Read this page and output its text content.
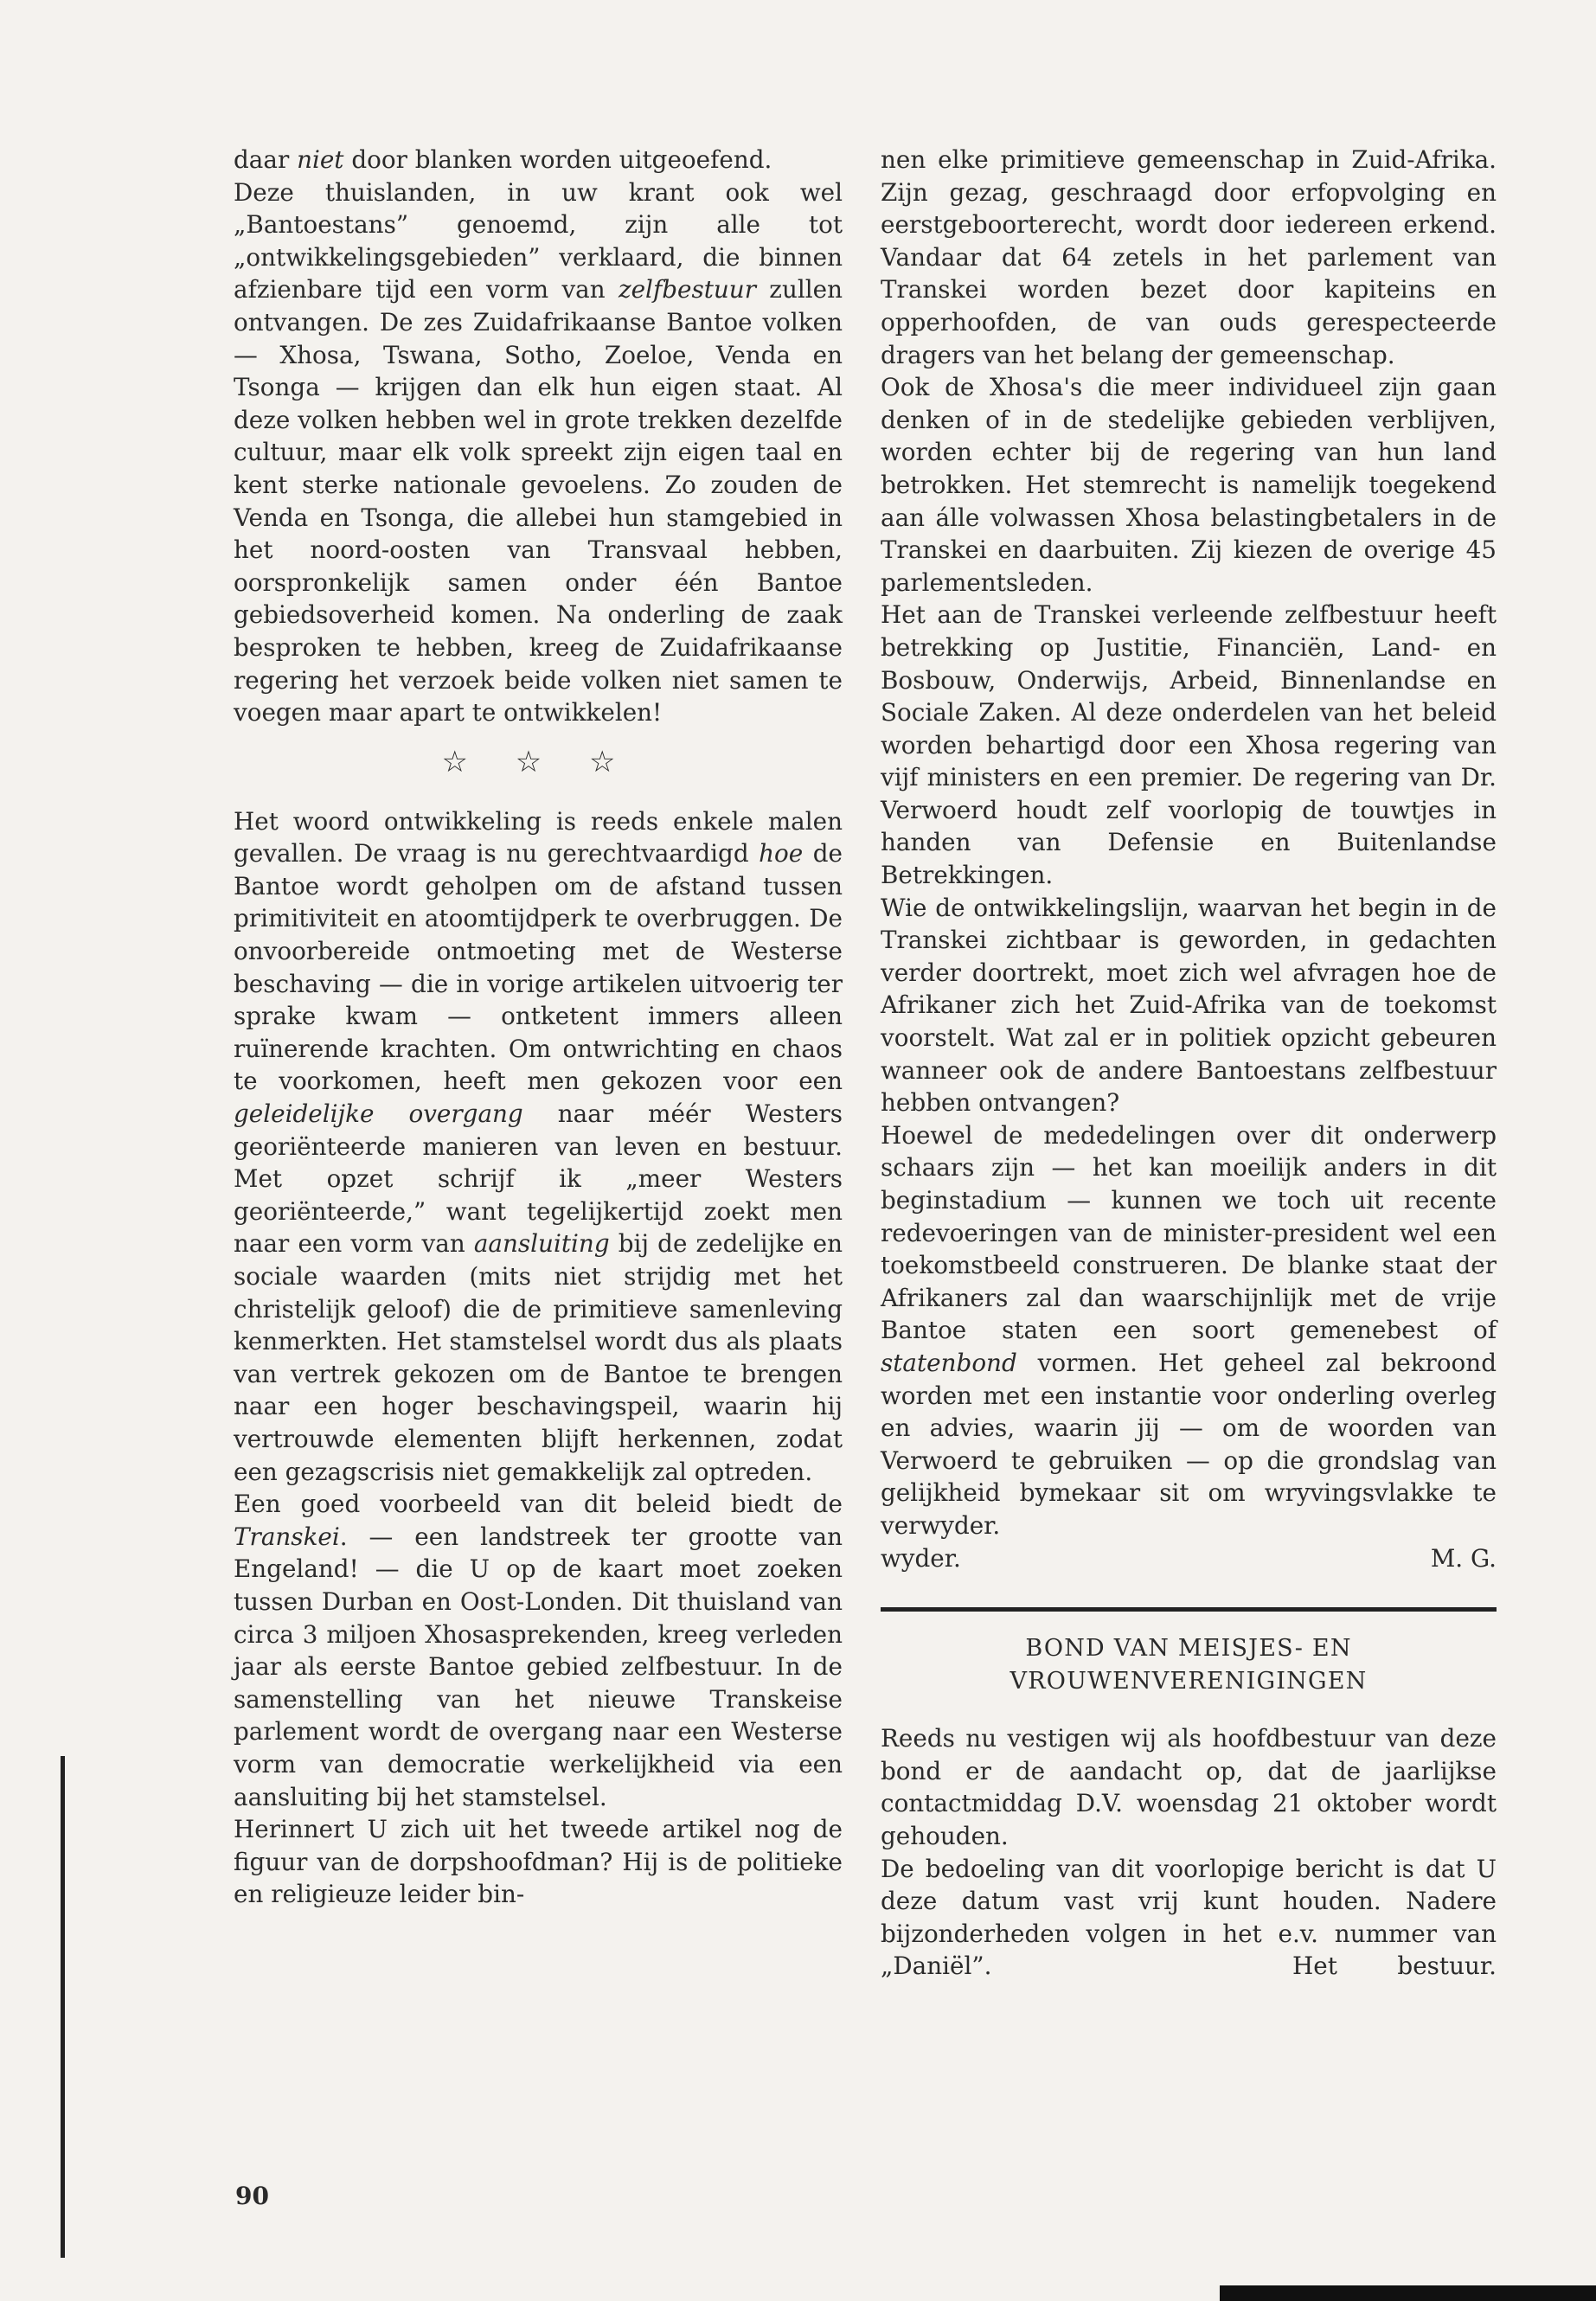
daar niet door blanken worden uitgeoefend.

Deze thuislanden, in uw krant ook wel „Bantoestans” genoemd, zijn alle tot „ontwikkelingsgebieden” verklaard, die binnen afzienbare tijd een vorm van zelfbestuur zullen ontvangen. De zes Zuidafrikaanse Bantoe volken — Xhosa, Tswana, Sotho, Zoeloe, Venda en Tsonga — krijgen dan elk hun eigen staat. Al deze volken hebben wel in grote trekken dezelfde cultuur, maar elk volk spreekt zijn eigen taal en kent sterke nationale gevoelens. Zo zouden de Venda en Tsonga, die allebei hun stamgebied in het noord-oosten van Transvaal hebben, oorspronkelijk samen onder één Bantoe gebiedsoverheid komen. Na onderling de zaak besproken te hebben, kreeg de Zuidafrikaanse regering het verzoek beide volken niet samen te voegen maar apart te ontwikkelen!

☆ ☆ ☆

Het woord ontwikkeling is reeds enkele malen gevallen. De vraag is nu gerechtvaardigd hoe de Bantoe wordt geholpen om de afstand tussen primitiviteit en atoomtijdperk te overbruggen. De onvoorbereide ontmoeting met de Westerse beschaving — die in vorige artikelen uitvoerig ter sprake kwam — ontketent immers alleen ruïnerende krachten. Om ontwrichting en chaos te voorkomen, heeft men gekozen voor een geleidelijke overgang naar méér Westers georiënteerde manieren van leven en bestuur. Met opzet schrijf ik „meer Westers georiënteerde,” want tegelijkertijd zoekt men naar een vorm van aansluiting bij de zedelijke en sociale waarden (mits niet strijdig met het christelijk geloof) die de primitieve samenleving kenmerkten. Het stamstelsel wordt dus als plaats van vertrek gekozen om de Bantoe te brengen naar een hoger beschavingspeil, waarin hij vertrouwde elementen blijft herkennen, zodat een gezagscrisis niet gemakkelijk zal optreden.

Een goed voorbeeld van dit beleid biedt de Transkei. — een landstreek ter grootte van Engeland! — die U op de kaart moet zoeken tussen Durban en Oost-Londen. Dit thuisland van circa 3 miljoen Xhosasprekenden, kreeg verleden jaar als eerste Bantoe gebied zelfbestuur. In de samenstelling van het nieuwe Transkeise parlement wordt de overgang naar een Westerse vorm van democratie werkelijkheid via een aansluiting bij het stamstelsel.

Herinnert U zich uit het tweede artikel nog de figuur van de dorpshoofdman? Hij is de politieke en religieuze leider bin-

nen elke primitieve gemeenschap in Zuid-Afrika. Zijn gezag, geschraagd door erfopvolging en eerstgeboorterecht, wordt door iedereen erkend. Vandaar dat 64 zetels in het parlement van Transkei worden bezet door kapiteins en opperhoofden, de van ouds gerespecteerde dragers van het belang der gemeenschap.

Ook de Xhosa's die meer individueel zijn gaan denken of in de stedelijke gebieden verblijven, worden echter bij de regering van hun land betrokken. Het stemrecht is namelijk toegekend aan álle volwassen Xhosa belastingbetalers in de Transkei en daarbuiten. Zij kiezen de overige 45 parlementsleden.

Het aan de Transkei verleende zelfbestuur heeft betrekking op Justitie, Financiën, Land- en Bosbouw, Onderwijs, Arbeid, Binnenlandse en Sociale Zaken. Al deze onderdelen van het beleid worden behartigd door een Xhosa regering van vijf ministers en een premier. De regering van Dr. Verwoerd houdt zelf voorlopig de touwtjes in handen van Defensie en Buitenlandse Betrekkingen.

Wie de ontwikkelingslijn, waarvan het begin in de Transkei zichtbaar is geworden, in gedachten verder doortrekt, moet zich wel afvragen hoe de Afrikaner zich het Zuid-Afrika van de toekomst voorstelt. Wat zal er in politiek opzicht gebeuren wanneer ook de andere Bantoestans zelfbestuur hebben ontvangen?

Hoewel de mededelingen over dit onderwerp schaars zijn — het kan moeilijk anders in dit beginstadium — kunnen we toch uit recente redevoeringen van de minister-president wel een toekomstbeeld construeren. De blanke staat der Afrikaners zal dan waarschijnlijk met de vrije Bantoe staten een soort gemenebest of statenbond vormen. Het geheel zal bekroond worden met een instantie voor onderling overleg en advies, waarin jij — om de woorden van Verwoerd te gebruiken — op die grondslag van gelijkheid bymekaar sit om wryvingsvlakke te verwyder.

wyder.	M. G.
BOND VAN MEISJES- EN
VROUWENVERENIGINGEN

Reeds nu vestigen wij als hoofdbestuur van deze bond er de aandacht op, dat de jaarlijkse contactmiddag D.V. woensdag 21 oktober wordt gehouden.

De bedoeling van dit voorlopige bericht is dat U deze datum vast vrij kunt houden. Nadere bijzonderheden volgen in het e.v. nummer van „Daniël”.	Het bestuur.

90
